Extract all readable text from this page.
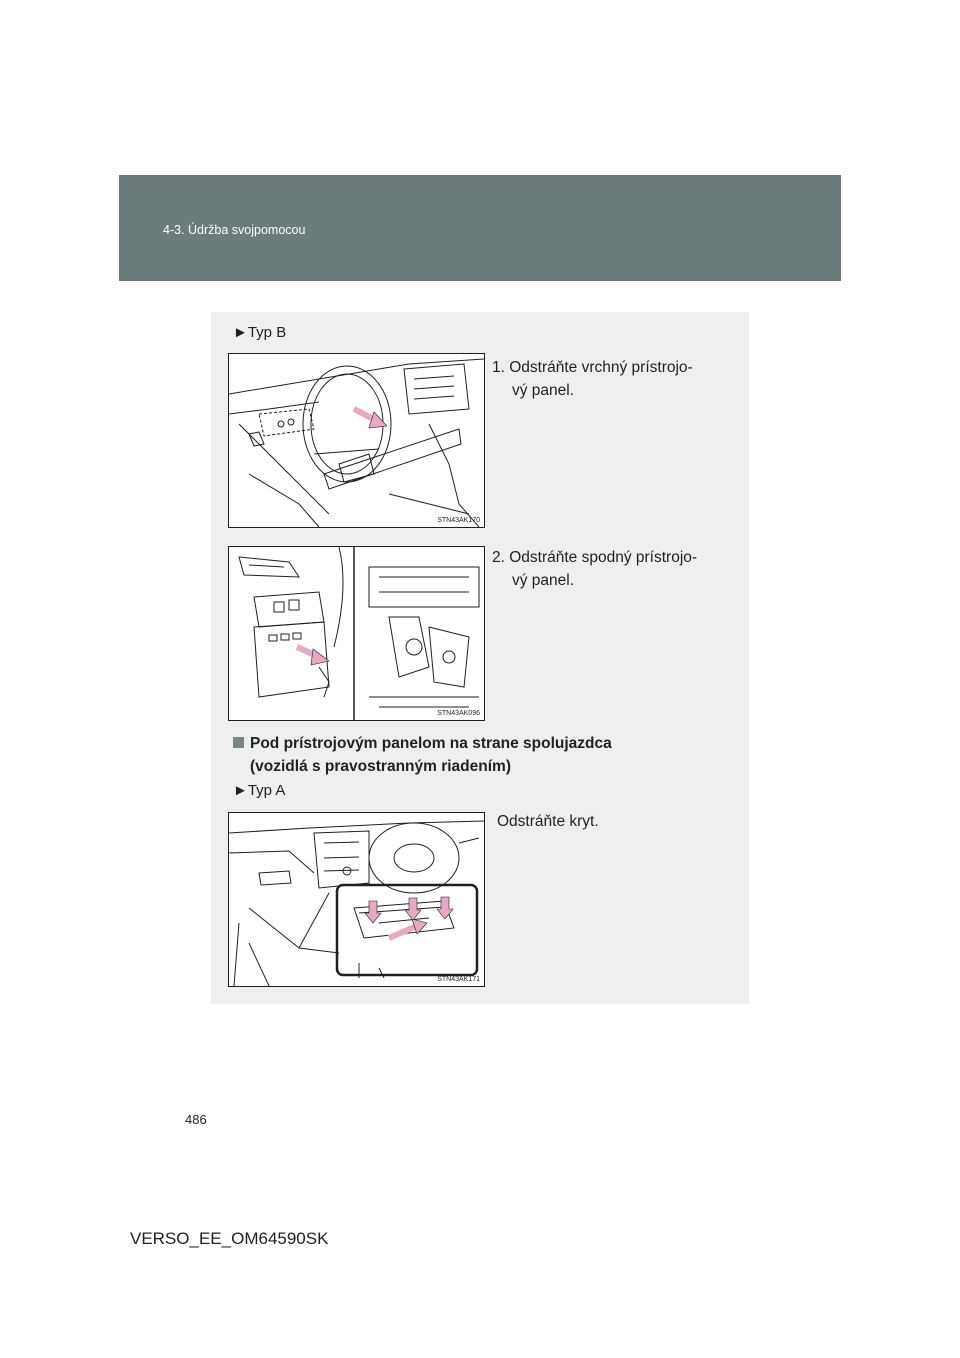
4-3. Údržba svojpomocou
►Typ B
1. Odstráňte vrchný prístrojo-
vý panel.
STN43AK170
2. Odstráňte spodný prístrojo-
vý panel.
STN43AK096
Pod prístrojovým panelom na strane spolujazdca
(vozidlá s pravostranným riadením)
►Typ A
Odstráňte kryt.
STN43AK171
486
VERSO_EE_OM64590SK
